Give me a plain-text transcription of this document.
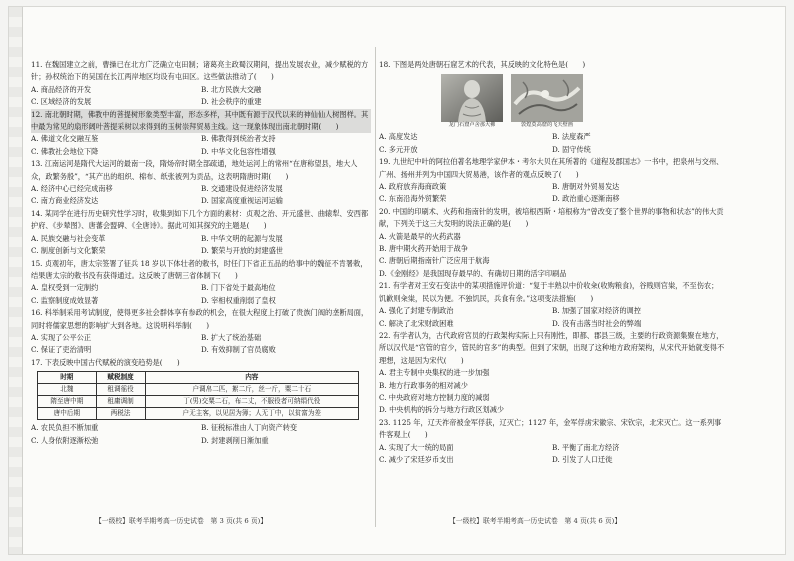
11. 在魏国建立之前，曹操已在北方广泛确立屯田制；诸葛亮主政蜀汉期间，提出发展农业，减少赋税的方针；孙权统治下的吴国在长江两岸地区均设有屯田区。这些做法推动了(　　)

A. 商品经济的开发	B. 北方民族大交融
C. 区域经济的发展	D. 社会秩序的重建

12. 南北朝时期，佛教中的菩提树形象类型丰富，形态多样，其中既有源于汉代以来的神仙仙人树图样。其中最为常见的扇形阔叶菩提采树以求得到的玉树崇拜贸易主线。这一现象体现出南北朝时期(　　)

A. 佛道文化交融互鉴	B. 佛教得到统治者支持
C. 佛教社会地位下降	D. 中华文化包容性增强

13. 江南运河是隋代大运河的最南一段，隋炀帝时期全部疏通，地处运河上的常州“在唐称望县，地大人众，政繁务殷”，“其产出的组织、棉布、纸张被列为贡品，这表明隋唐时期(　　)

A. 经济中心已经完成南移	B. 交通建设促进经济发展
C. 南方商业经济发达	D. 国家高度重视运河运输

14. 某同学在进行历史研究性学习时，收集到如下几个方面的素材：贞观之治、开元盛世、曲辕犁、安西都护府、《步辇图》、唐蕃会盟碑、《全唐诗》。据此可知其探究的主题是(　　)

A. 民族交融与社会变革	B. 中华文明的起源与发展
C. 制度创新与文化繁荣	D. 繁荣与开放的封建盛世

15. 贞观初年，唐太宗签署了征兵 18 岁以下体壮者的敕书，时任门下省正五品的给事中的魏征不肯署敕，结果唐太宗的敕书没有获得通过。这反映了唐朝三省体制下(　　)

A. 皇权受到一定制约	B. 门下省处于最高地位
C. 监察制度成效显著	D. 宰相权重削弱了皇权

16. 科举制采用考试制度，使得更多社会群体享有参政的机会，在很大程度上打破了贵族门阀的垄断局面，同时将儒家思想的影响扩大到各地。这说明科举制(　　)

A. 实现了公平公正	B. 扩大了统治基础
C. 保证了吏治清明	D. 有效抑制了官员腐败

17. 下表反映中国古代赋税的演变趋势是(　　)

时期	赋税制度	内容
北魏	租调徭役	户调帛二匹，絮二斤，丝一斤，粟二十石
隋至唐中期	租庸调制	丁(男)交粟二石，布二丈，不服役者可纳绢代役
唐中后期	两税法	户无主客，以见居为簿；人无丁中，以贫富为差
A. 农民负担不断加重	B. 征税标准由人丁向资产转变
C. 人身依附逐渐松弛	D. 封建剥削日渐加重
【一级校】联考半期考高一历史试卷　第 3 页(共 6 页)】

18. 下图是两处唐朝石窟艺术的代表，其反映的文化特色是(　　)

龙门石窟卢舍那大佛	敦煌莫高窟的飞天壁画
A. 高度发达	B. 法度森严
C. 多元开放	D. 固守传统

19. 九世纪中叶的阿拉伯著名地理学家伊本・考尔大贝在其所著的《道程及郡国志》一书中，把泉州与交州、广州、扬州并列为中国四大贸易港，该作者的观点反映了(　　)

A. 政府放弃海商政策	B. 唐朝对外贸易发达
C. 东南沿海外贸繁荣	D. 政治重心逐渐南移

20. 中国的印刷术、火药和指南针的发明，被培根西斯・培根称为“曾改变了整个世界的事物和状态”的伟大贡献，下列关于这三大发明的说法正确的是(　　)

A. 火箭是最早的火药武器
B. 唐中期火药开始用于战争
C. 唐朝后期指南针广泛应用于航海
D.《金刚经》是我国现存最早的、有确切日期的活字印刷品

21. 有学者对王安石变法中的某项措施评价道：“复于丰熟以中价收籴(收购粮食)，谷贱则官粜，不至伤农；饥歉则籴粜，民以为便。不独饥民，兵食有余。”这项变法措施(　　)

A. 强化了封建专制政治	B. 加强了国家对经济的调控
C. 解决了北宋财政困难	D. 没有击落当时社会的弊端

22. 有学者认为，古代政府官员的行政架构实际上只有刚性，即都、郡县三级，主要的行政资源集聚在地方，所以汉代是“官管的官少，管民的官多”的典型。但到了宋朝，出现了这种地方政府架构，从宋代开始就变得不理想，这是因为宋代(　　)

A. 君主专制中央集权的进一步加强
B. 地方行政事务的相对减少
C. 中央政府对地方控制力度的减弱
D. 中央机构的拆分与地方行政区划减少

23. 1125 年，辽天祚帝被金军俘获，辽灭亡；1127 年，金军俘虏宋徽宗、宋钦宗，北宋灭亡。这一系列事件客观上(　　)

A. 实现了大一统的局面	B. 平衡了南北方经济
C. 减少了宋廷岁币支出	D. 引发了人口迁徙
【一级校】联考半期考高一历史试卷　第 4 页(共 6 页)】
